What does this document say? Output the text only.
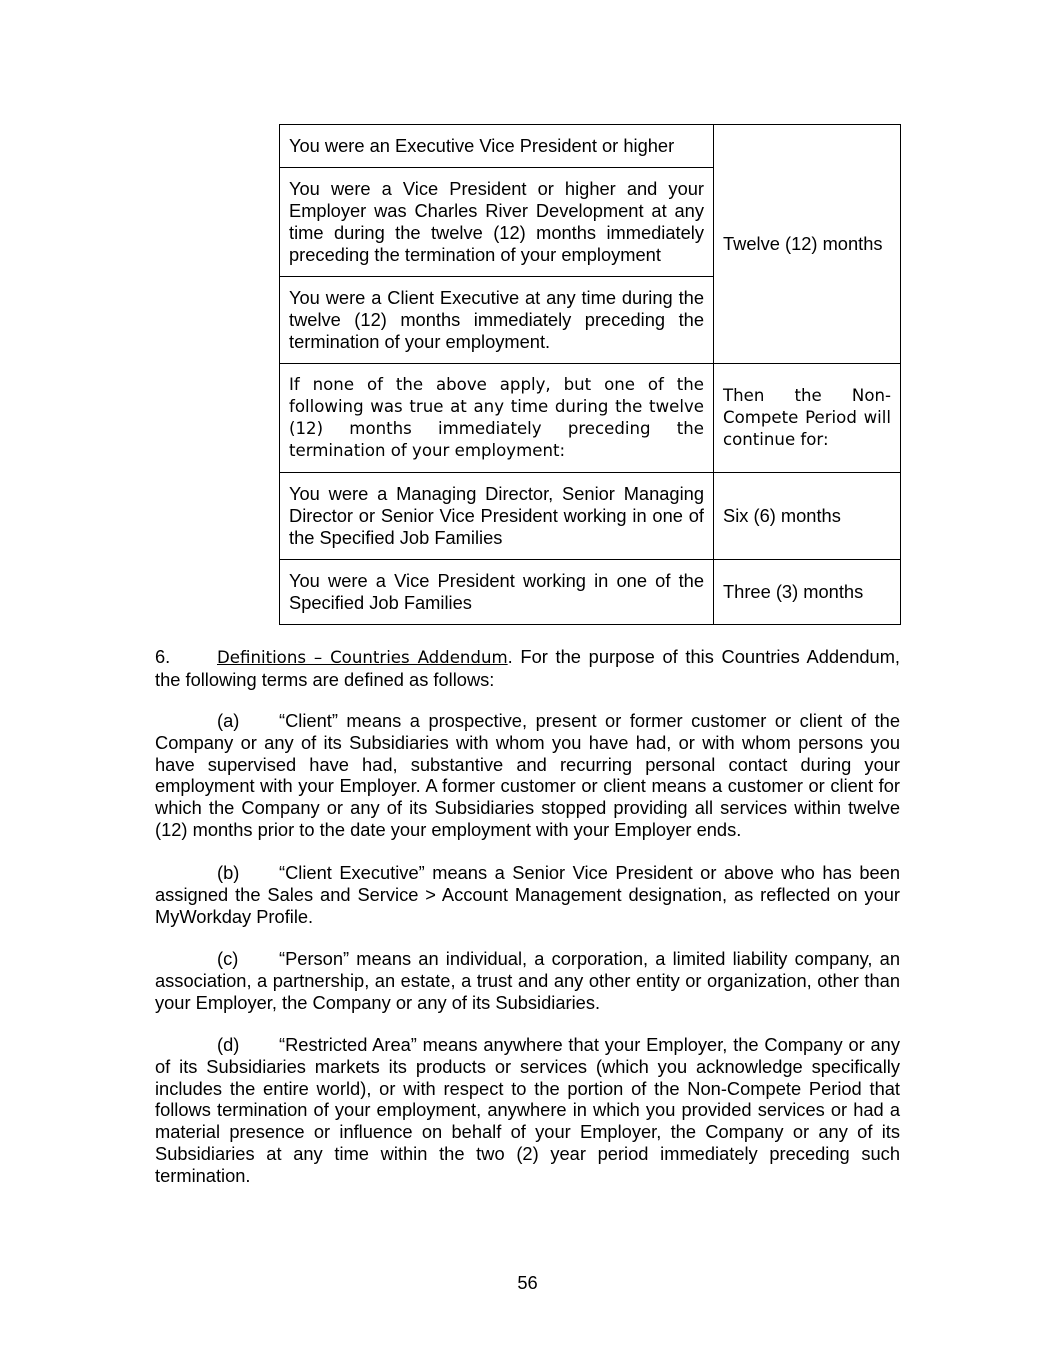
You were an Executive Vice President or higher	Twelve (12) months
You were a Vice President or higher and your Employer was Charles River Development at any time during the twelve (12) months immediately preceding the termination of your employment	
You were a Client Executive at any time during the twelve (12) months immediately preceding the termination of your employment.	
If none of the above apply, but one of the following was true at any time during the twelve (12) months immediately preceding the termination of your employment:	Then the Non-Compete Period will continue for:
You were a Managing Director, Senior Managing Director or Senior Vice President working in one of the Specified Job Families	Six (6) months
You were a Vice President working in one of the Specified Job Families	Three (3) months
6.	Definitions – Countries Addendum. For the purpose of this Countries Addendum, the following terms are defined as follows:
(a) “Client” means a prospective, present or former customer or client of the Company or any of its Subsidiaries with whom you have had, or with whom persons you have supervised have had, substantive and recurring personal contact during your employment with your Employer. A former customer or client means a customer or client for which the Company or any of its Subsidiaries stopped providing all services within twelve (12) months prior to the date your employment with your Employer ends.
(b) “Client Executive” means a Senior Vice President or above who has been assigned the Sales and Service > Account Management designation, as reflected on your MyWorkday Profile.
(c) “Person” means an individual, a corporation, a limited liability company, an association, a partnership, an estate, a trust and any other entity or organization, other than your Employer, the Company or any of its Subsidiaries.
(d) “Restricted Area” means anywhere that your Employer, the Company or any of its Subsidiaries markets its products or services (which you acknowledge specifically includes the entire world), or with respect to the portion of the Non-Compete Period that follows termination of your employment, anywhere in which you provided services or had a material presence or influence on behalf of your Employer, the Company or any of its Subsidiaries at any time within the two (2) year period immediately preceding such termination.
56
